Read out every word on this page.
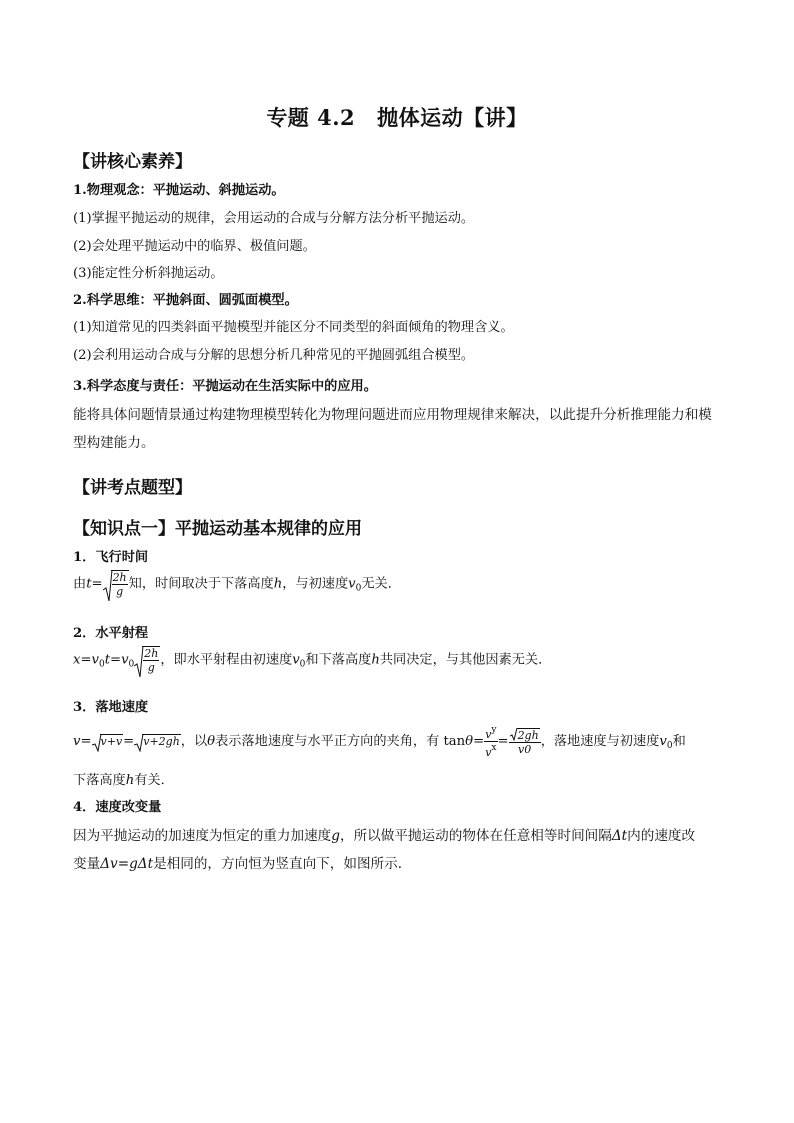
专题 4.2 抛体运动【讲】
【讲核心素养】
1.物理观念：平抛运动、斜抛运动。
(1)掌握平抛运动的规律，会用运动的合成与分解方法分析平抛运动。
(2)会处理平抛运动中的临界、极值问题。
(3)能定性分析斜抛运动。
2.科学思维：平抛斜面、圆弧面模型。
(1)知道常见的四类斜面平抛模型并能区分不同类型的斜面倾角的物理含义。
(2)会利用运动合成与分解的思想分析几种常见的平抛圆弧组合模型。
3.科学态度与责任：平抛运动在生活实际中的应用。
能将具体问题情景通过构建物理模型转化为物理问题进而应用物理规律来解决，以此提升分析推理能力和模型构建能力。
【讲考点题型】
【知识点一】平抛运动基本规律的应用
1．飞行时间
由$t= \frac{2h}{g}$ 知，时间取决于下落高度h，与初速度$v_0$无关．
2．水平射程
$x=v_0t=v_0 \frac{2h}{g}$ ，即水平射程由初速度$v_0$和下落高度h共同决定，与其他因素无关．
3．落地速度
v= v+v= v+2gh，以θ表示落地速度与水平正方向的夹角，有 $\tan\theta= \frac{v^y}{v^x} = \frac{2gh}{v0}$ ，落地速度与初速度$v_0$和
下落高度h有关．
4．速度改变量
因为平抛运动的加速度为恒定的重力加速度g，所以做平抛运动的物体在任意相等时间间隔Δt内的速度改
变量Δv=gΔt是相同的，方向恒为竖直向下，如图所示．
